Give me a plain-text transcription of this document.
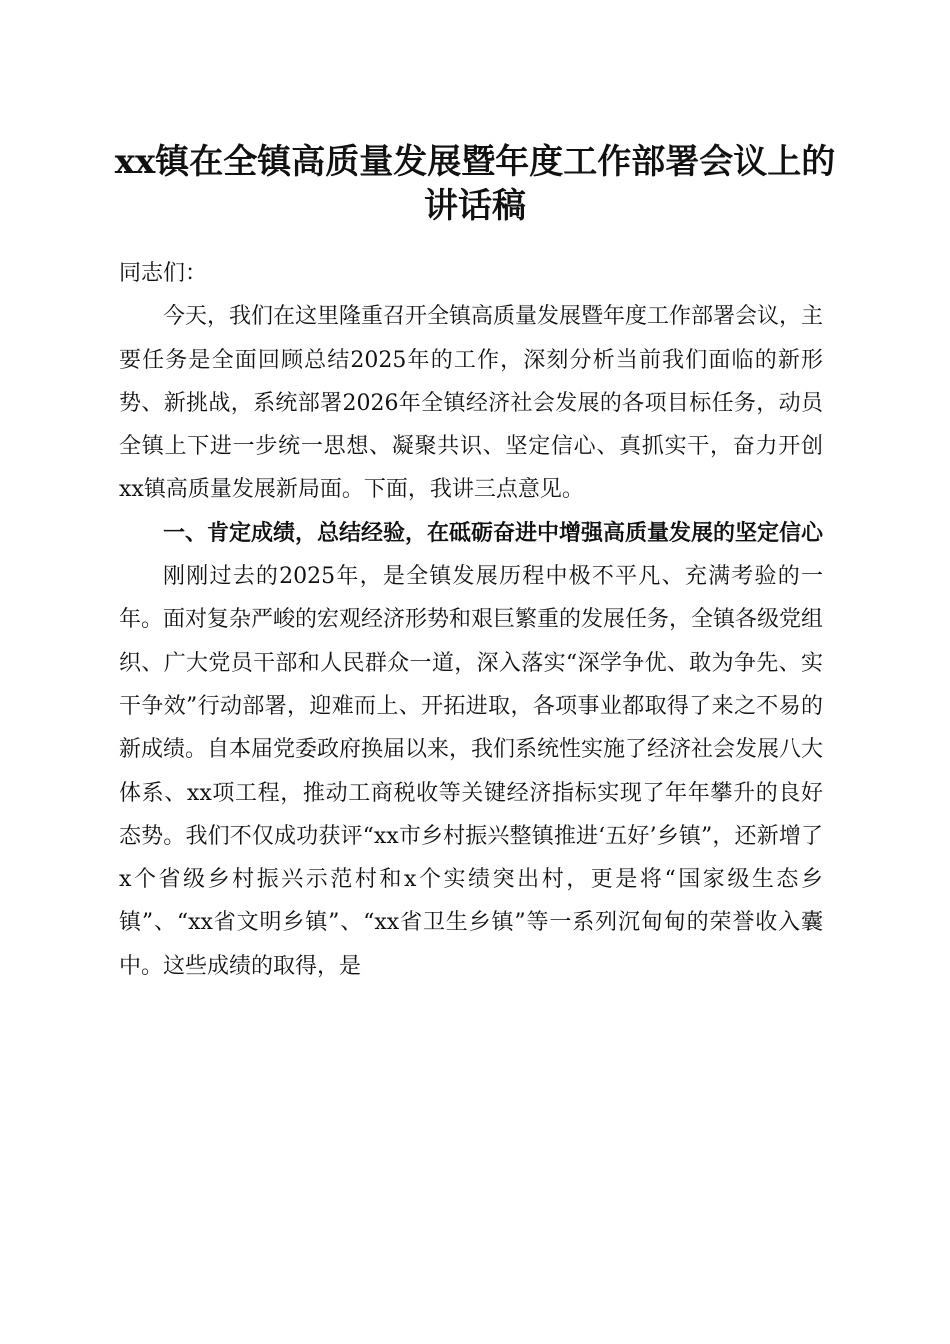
xx镇在全镇高质量发展暨年度工作部署会议上的讲话稿

同志们：

今天，我们在这里隆重召开全镇高质量发展暨年度工作部署会议，主要任务是全面回顾总结2025年的工作，深刻分析当前我们面临的新形势、新挑战，系统部署2026年全镇经济社会发展的各项目标任务，动员全镇上下进一步统一思想、凝聚共识、坚定信心、真抓实干，奋力开创xx镇高质量发展新局面。下面，我讲三点意见。

一、肯定成绩，总结经验，在砥砺奋进中增强高质量发展的坚定信心

刚刚过去的2025年，是全镇发展历程中极不平凡、充满考验的一年。面对复杂严峻的宏观经济形势和艰巨繁重的发展任务，全镇各级党组织、广大党员干部和人民群众一道，深入落实“深学争优、敢为争先、实干争效”行动部署，迎难而上、开拓进取，各项事业都取得了来之不易的新成绩。自本届党委政府换届以来，我们系统性实施了经济社会发展八大体系、xx项工程，推动工商税收等关键经济指标实现了年年攀升的良好态势。我们不仅成功获评“xx市乡村振兴整镇推进‘五好’乡镇”，还新增了x个省级乡村振兴示范村和x个实绩突出村，更是将“国家级生态乡镇”、“xx省文明乡镇”、“xx省卫生乡镇”等一系列沉甸甸的荣誉收入囊中。这些成绩的取得，是
